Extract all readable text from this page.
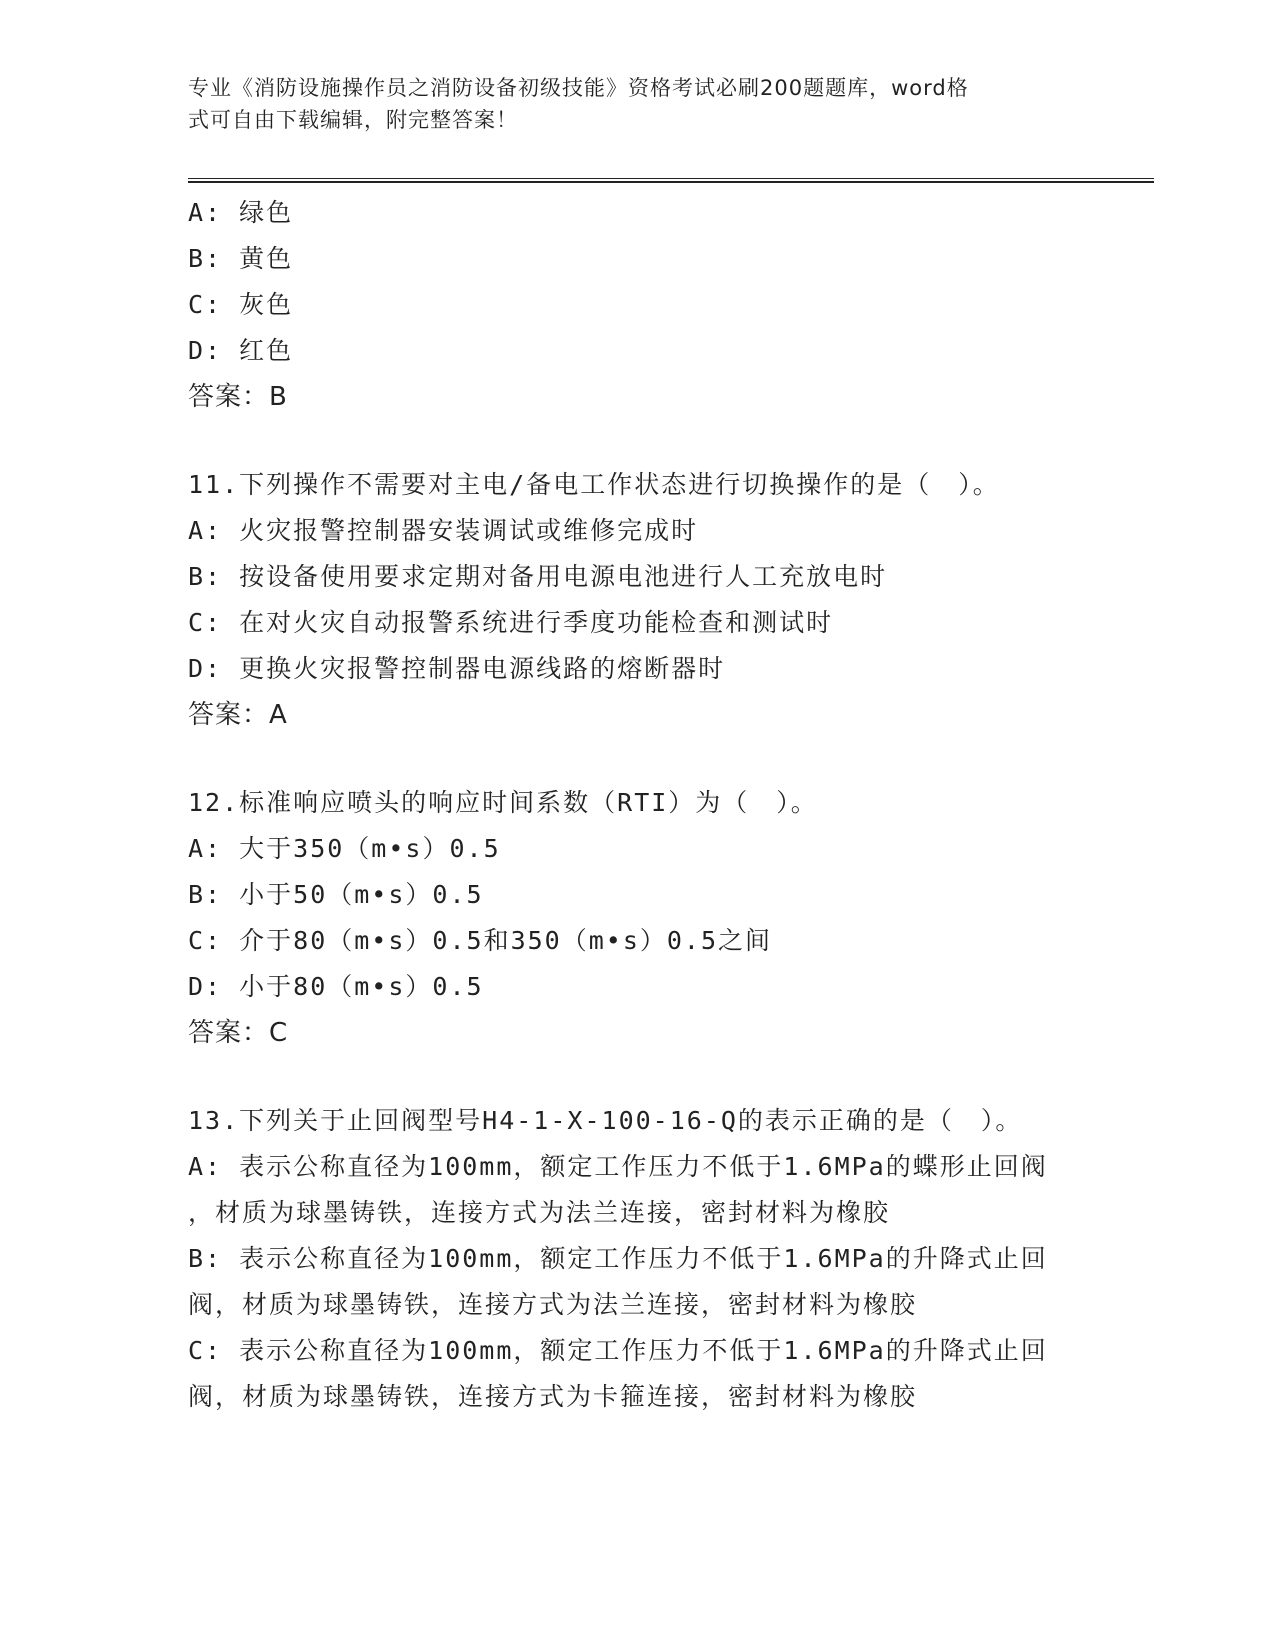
专业《消防设施操作员之消防设备初级技能》资格考试必刷200题题库，word格
式可自由下载编辑，附完整答案！
A: 绿色
B: 黄色
C: 灰色
D: 红色
答案：B
11.下列操作不需要对主电/备电工作状态进行切换操作的是（　）。
A: 火灾报警控制器安装调试或维修完成时
B: 按设备使用要求定期对备用电源电池进行人工充放电时
C: 在对火灾自动报警系统进行季度功能检查和测试时
D: 更换火灾报警控制器电源线路的熔断器时
答案：A
12.标准响应喷头的响应时间系数（RTI）为（　）。
A: 大于350（m•s）0.5
B: 小于50（m•s）0.5
C: 介于80（m•s）0.5和350（m•s）0.5之间
D: 小于80（m•s）0.5
答案：C
13.下列关于止回阀型号H4-1-X-100-16-Q的表示正确的是（　）。
A: 表示公称直径为100mm，额定工作压力不低于1.6MPa的蝶形止回阀
，材质为球墨铸铁，连接方式为法兰连接，密封材料为橡胶
B: 表示公称直径为100mm，额定工作压力不低于1.6MPa的升降式止回
阀，材质为球墨铸铁，连接方式为法兰连接，密封材料为橡胶
C: 表示公称直径为100mm，额定工作压力不低于1.6MPa的升降式止回
阀，材质为球墨铸铁，连接方式为卡箍连接，密封材料为橡胶
